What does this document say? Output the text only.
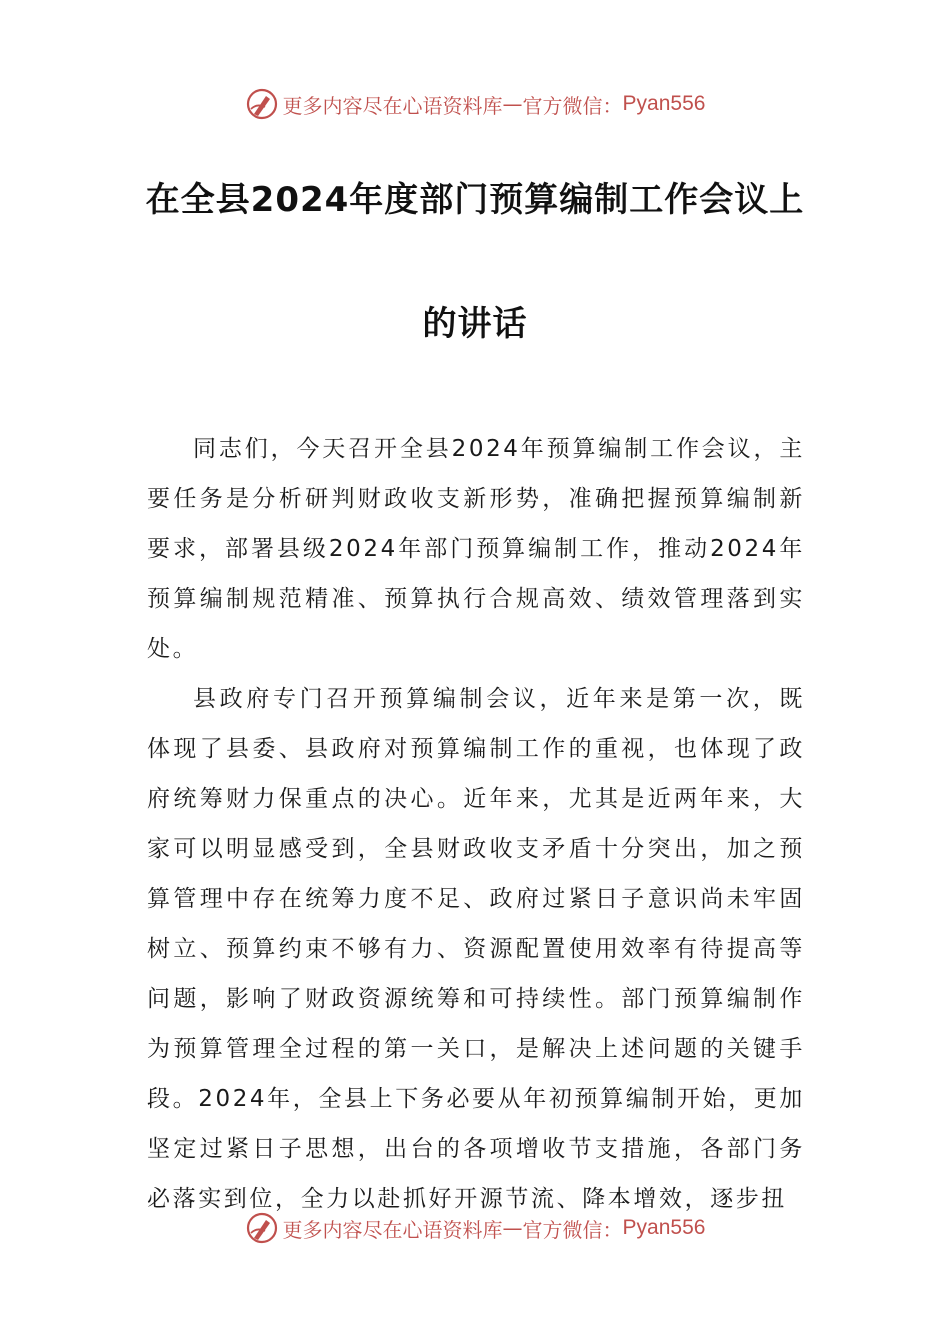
更多内容尽在心语资料库 — 官方微信： Pyan556
在全县2024年度部门预算编制工作会议上
的讲话

同志们，今天召开全县2024年预算编制工作会议，主要任务是分析研判财政收支新形势，准确把握预算编制新要求，部署县级2024年部门预算编制工作，推动2024年预算编制规范精准、预算执行合规高效、绩效管理落到实处。

县政府专门召开预算编制会议，近年来是第一次，既体现了县委、县政府对预算编制工作的重视，也体现了政府统筹财力保重点的决心。近年来，尤其是近两年来，大家可以明显感受到，全县财政收支矛盾十分突出，加之预算管理中存在统筹力度不足、政府过紧日子意识尚未牢固树立、预算约束不够有力、资源配置使用效率有待提高等问题，影响了财政资源统筹和可持续性。部门预算编制作为预算管理全过程的第一关口，是解决上述问题的关键手段。2024年，全县上下务必要从年初预算编制开始，更加坚定过紧日子思想，出台的各项增收节支措施，各部门务必落实到位，全力以赴抓好开源节流、降本增效，逐步扭

更多内容尽在心语资料库 — 官方微信： Pyan556
